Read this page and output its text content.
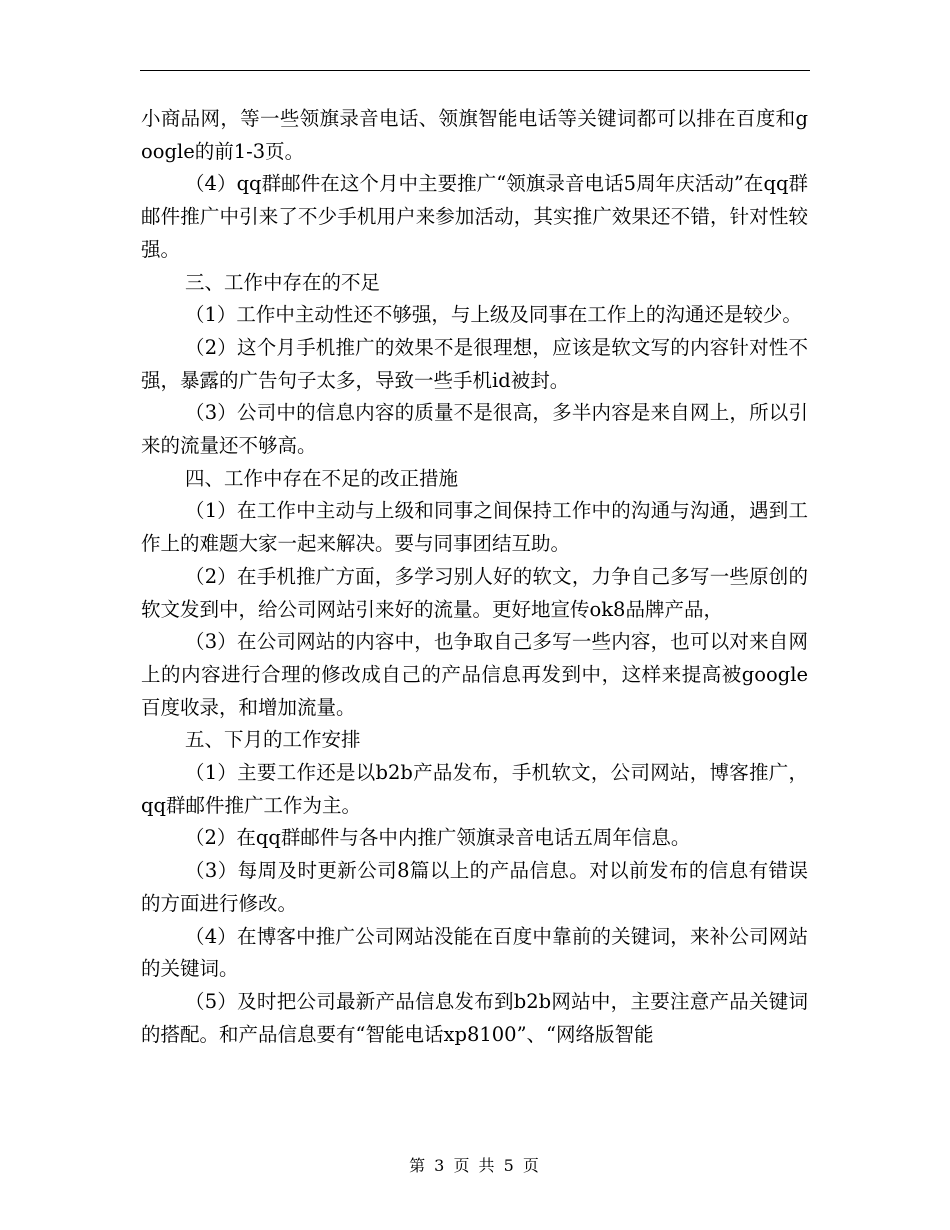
小商品网，等一些领旗录音电话、领旗智能电话等关键词都可以排在百度和google的前1-3页。

（4）qq群邮件在这个月中主要推广“领旗录音电话5周年庆活动”在qq群邮件推广中引来了不少手机用户来参加活动，其实推广效果还不错，针对性较强。

三、工作中存在的不足

（1）工作中主动性还不够强，与上级及同事在工作上的沟通还是较少。

（2）这个月手机推广的效果不是很理想，应该是软文写的内容针对性不强，暴露的广告句子太多，导致一些手机id被封。

（3）公司中的信息内容的质量不是很高，多半内容是来自网上，所以引来的流量还不够高。

四、工作中存在不足的改正措施

（1）在工作中主动与上级和同事之间保持工作中的沟通与沟通，遇到工作上的难题大家一起来解决。要与同事团结互助。

（2）在手机推广方面，多学习别人好的软文，力争自己多写一些原创的软文发到中，给公司网站引来好的流量。更好地宣传ok8品牌产品，

（3）在公司网站的内容中，也争取自己多写一些内容，也可以对来自网上的内容进行合理的修改成自己的产品信息再发到中，这样来提高被google 百度收录，和增加流量。

五、下月的工作安排

（1）主要工作还是以b2b产品发布，手机软文，公司网站，博客推广，qq群邮件推广工作为主。

（2）在qq群邮件与各中内推广领旗录音电话五周年信息。

（3）每周及时更新公司8篇以上的产品信息。对以前发布的信息有错误的方面进行修改。

（4）在博客中推广公司网站没能在百度中靠前的关键词，来补公司网站的关键词。

（5）及时把公司最新产品信息发布到b2b网站中，主要注意产品关键词的搭配。和产品信息要有“智能电话xp8100”、“网络版智能

第 3 页 共 5 页
